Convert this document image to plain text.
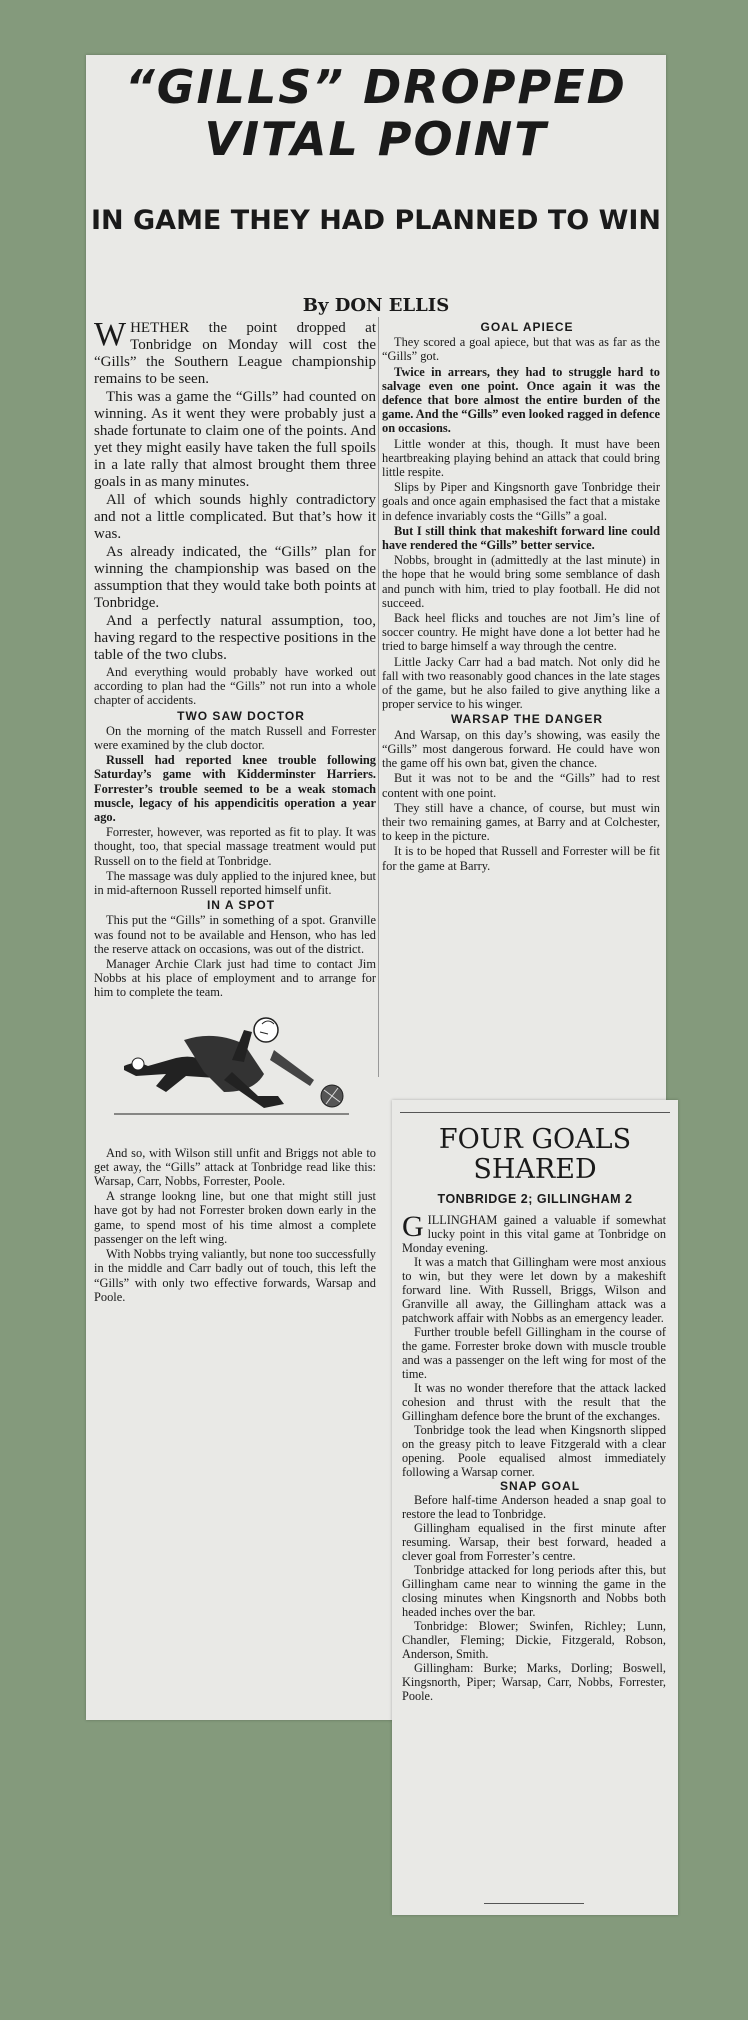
“GILLS” DROPPED VITAL POINT
IN GAME THEY HAD PLANNED TO WIN
By DON ELLIS

WHETHER the point dropped at Tonbridge on Monday will cost the “Gills” the Southern League championship remains to be seen.

This was a game the “Gills” had counted on winning. As it went they were probably just a shade fortunate to claim one of the points. And yet they might easily have taken the full spoils in a late rally that almost brought them three goals in as many minutes.

All of which sounds highly contradictory and not a little complicated. But that’s how it was.

As already indicated, the “Gills” plan for winning the championship was based on the assumption that they would take both points at Tonbridge.

And a perfectly natural assumption, too, having regard to the respective positions in the table of the two clubs.

And everything would probably have worked out according to plan had the “Gills” not run into a whole chapter of accidents.

TWO SAW DOCTOR

On the morning of the match Russell and Forrester were examined by the club doctor.

Russell had reported knee trouble following Saturday’s game with Kidderminster Harriers. Forrester’s trouble seemed to be a weak stomach muscle, legacy of his appendicitis operation a year ago.

Forrester, however, was reported as fit to play. It was thought, too, that special massage treatment would put Russell on to the field at Tonbridge.

The massage was duly applied to the injured knee, but in mid-afternoon Russell reported himself unfit.

IN A SPOT

This put the “Gills” in something of a spot. Granville was found not to be available and Henson, who has led the reserve attack on occasions, was out of the district.

Manager Archie Clark just had time to contact Jim Nobbs at his place of employment and to arrange for him to complete the team.

And so, with Wilson still unfit and Briggs not able to get away, the “Gills” attack at Tonbridge read like this: Warsap, Carr, Nobbs, Forrester, Poole.

A strange lookng line, but one that might still just have got by had not Forrester broken down early in the game, to spend most of his time almost a complete passenger on the left wing.

With Nobbs trying valiantly, but none too successfully in the middle and Carr badly out of touch, this left the “Gills” with only two effective forwards, Warsap and Poole.

GOAL APIECE

They scored a goal apiece, but that was as far as the “Gills” got.

Twice in arrears, they had to struggle hard to salvage even one point. Once again it was the defence that bore almost the entire burden of the game. And the “Gills” even looked ragged in defence on occasions.

Little wonder at this, though. It must have been heartbreaking playing behind an attack that could bring little respite.

Slips by Piper and Kingsnorth gave Tonbridge their goals and once again emphasised the fact that a mistake in defence invariably costs the “Gills” a goal.

But I still think that makeshift forward line could have rendered the “Gills” better service.

Nobbs, brought in (admittedly at the last minute) in the hope that he would bring some semblance of dash and punch with him, tried to play football. He did not succeed.

Back heel flicks and touches are not Jim’s line of soccer country. He might have done a lot better had he tried to barge himself a way through the centre.

Little Jacky Carr had a bad match. Not only did he fall with two reasonably good chances in the late stages of the game, but he also failed to give anything like a proper service to his winger.

WARSAP THE DANGER

And Warsap, on this day’s showing, was easily the “Gills” most dangerous forward. He could have won the game off his own bat, given the chance.

But it was not to be and the “Gills” had to rest content with one point.

They still have a chance, of course, but must win their two remaining games, at Barry and at Colchester, to keep in the picture.

It is to be hoped that Russell and Forrester will be fit for the game at Barry.

FOUR GOALS
SHARED
TONBRIDGE 2; GILLINGHAM 2

GILLINGHAM gained a valuable if somewhat lucky point in this vital game at Tonbridge on Monday evening.

It was a match that Gillingham were most anxious to win, but they were let down by a makeshift forward line. With Russell, Briggs, Wilson and Granville all away, the Gillingham attack was a patchwork affair with Nobbs as an emergency leader.

Further trouble befell Gillingham in the course of the game. Forrester broke down with muscle trouble and was a passenger on the left wing for most of the time.

It was no wonder therefore that the attack lacked cohesion and thrust with the result that the Gillingham defence bore the brunt of the exchanges.

Tonbridge took the lead when Kingsnorth slipped on the greasy pitch to leave Fitzgerald with a clear opening. Poole equalised almost immediately following a Warsap corner.

SNAP GOAL

Before half-time Anderson headed a snap goal to restore the lead to Tonbridge.

Gillingham equalised in the first minute after resuming. Warsap, their best forward, headed a clever goal from Forrester’s centre.

Tonbridge attacked for long periods after this, but Gillingham came near to winning the game in the closing minutes when Kingsnorth and Nobbs both headed inches over the bar.

Tonbridge: Blower; Swinfen, Richley; Lunn, Chandler, Fleming; Dickie, Fitzgerald, Robson, Anderson, Smith.

Gillingham: Burke; Marks, Dorling; Boswell, Kingsnorth, Piper; Warsap, Carr, Nobbs, Forrester, Poole.
